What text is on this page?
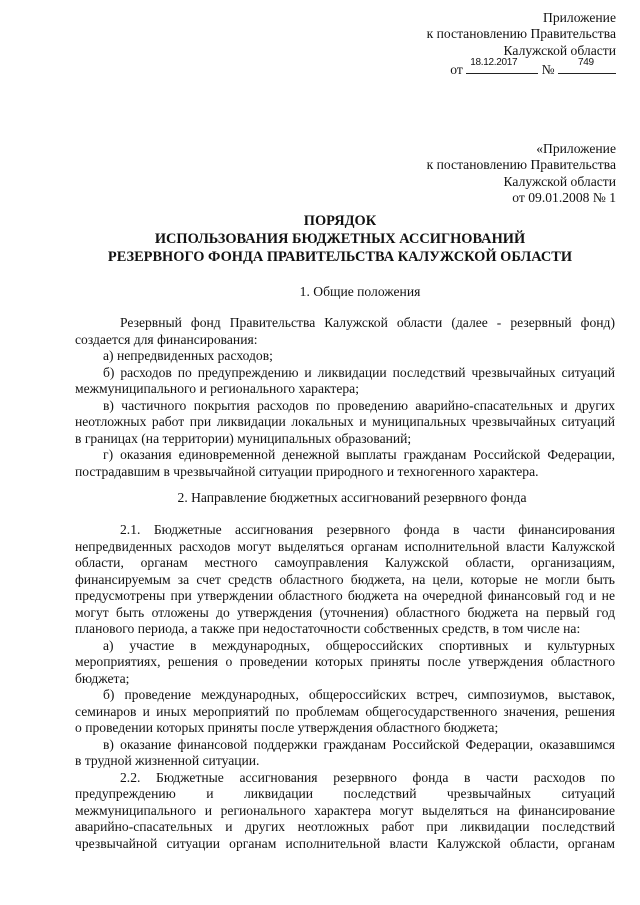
Приложение
к постановлению Правительства
Калужской области
от 18.12.2017 № 749
«Приложение
к постановлению Правительства
Калужской области
от 09.01.2008 № 1
ПОРЯДОК
ИСПОЛЬЗОВАНИЯ БЮДЖЕТНЫХ АССИГНОВАНИЙ
РЕЗЕРВНОГО ФОНДА ПРАВИТЕЛЬСТВА КАЛУЖСКОЙ ОБЛАСТИ
1. Общие положения
Резервный фонд Правительства Калужской области (далее - резервный фонд)
создается для финансирования:
а) непредвиденных расходов;
б) расходов по предупреждению и ликвидации последствий чрезвычайных ситуаций
межмуниципального и регионального характера;
в) частичного покрытия расходов по проведению аварийно-спасательных и других
неотложных работ при ликвидации локальных и муниципальных чрезвычайных ситуаций
в границах (на территории) муниципальных образований;
г) оказания единовременной денежной выплаты гражданам Российской Федерации,
пострадавшим в чрезвычайной ситуации природного и техногенного характера.
2. Направление бюджетных ассигнований резервного фонда
2.1. Бюджетные ассигнования резервного фонда в части финансирования
непредвиденных расходов могут выделяться органам исполнительной власти Калужской
области, органам местного самоуправления Калужской области, организациям,
финансируемым за счет средств областного бюджета, на цели, которые не могли быть
предусмотрены при утверждении областного бюджета на очередной финансовый год и не
могут быть отложены до утверждения (уточнения) областного бюджета на первый год
планового периода, а также при недостаточности собственных средств, в том числе на:
а) участие в международных, общероссийских спортивных и культурных
мероприятиях, решения о проведении которых приняты после утверждения областного
бюджета;
б) проведение международных, общероссийских встреч, симпозиумов, выставок,
семинаров и иных мероприятий по проблемам общегосударственного значения, решения
о проведении которых приняты после утверждения областного бюджета;
в) оказание финансовой поддержки гражданам Российской Федерации, оказавшимся
в трудной жизненной ситуации.
2.2. Бюджетные ассигнования резервного фонда в части расходов по
предупреждению и ликвидации последствий чрезвычайных ситуаций
межмуниципального и регионального характера могут выделяться на финансирование
аварийно-спасательных и других неотложных работ при ликвидации последствий
чрезвычайной ситуации органам исполнительной власти Калужской области, органам
